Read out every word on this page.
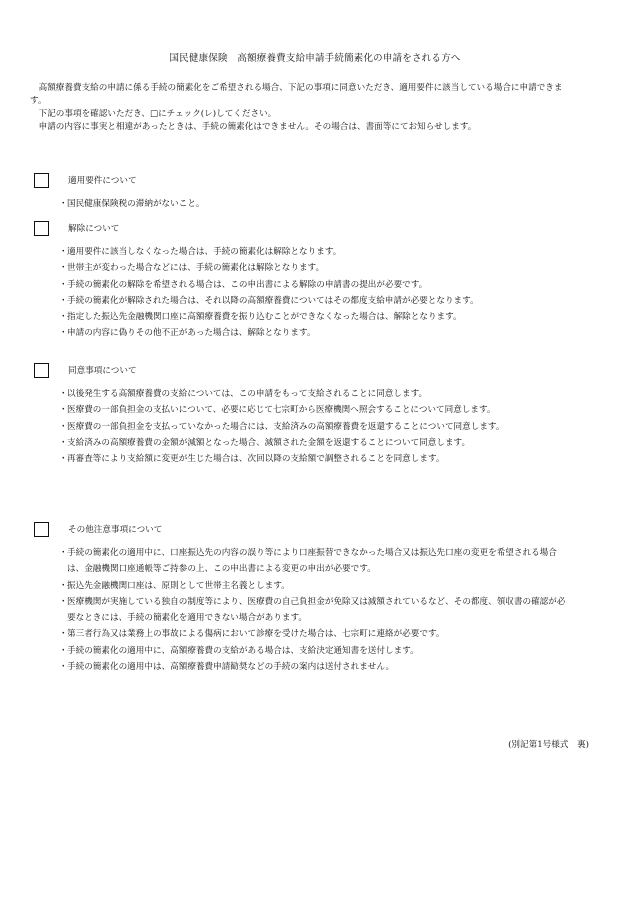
国民健康保険　高額療養費支給申請手続簡素化の申請をされる方へ

　高額療養費支給の申請に係る手続の簡素化をご希望される場合、下記の事項に同意いただき、適用要件に該当している場合に申請できます。

　下記の事項を確認いただき、□にチェック(レ)してください。

　申請の内容に事実と相違があったときは、手続の簡素化はできません。その場合は、書面等にてお知らせします。

適用要件について
・ 国民健康保険税の滞納がないこと。
解除について
・ 適用要件に該当しなくなった場合は、手続の簡素化は解除となります。
・ 世帯主が変わった場合などには、手続の簡素化は解除となります。
・ 手続の簡素化の解除を希望される場合は、この申出書による解除の申請書の提出が必要です。
・ 手続の簡素化が解除された場合は、それ以降の高額療養費についてはその都度支給申請が必要となります。
・ 指定した振込先金融機関口座に高額療養費を振り込むことができなくなった場合は、解除となります。
・ 申請の内容に偽りその他不正があった場合は、解除となります。
同意事項について
・ 以後発生する高額療養費の支給については、この申請をもって支給されることに同意します。
・ 医療費の一部負担金の支払いについて、必要に応じて七宗町から医療機関へ照会することについて同意します。
・ 医療費の一部負担金を支払っていなかった場合には、支給済みの高額療養費を返還することについて同意します。
・ 支給済みの高額療養費の金額が減額となった場合、減額された金額を返還することについて同意します。
・ 再審査等により支給額に変更が生じた場合は、次回以降の支給額で調整されることを同意します。
その他注意事項について
・ 手続の簡素化の適用中に、口座振込先の内容の誤り等により口座振替できなかった場合又は振込先口座の変更を希望される場合は、金融機関口座通帳等ご持参の上、この申出書による変更の申出が必要です。
・ 振込先金融機関口座は、原則として世帯主名義とします。
・ 医療機関が実施している独自の制度等により、医療費の自己負担金が免除又は減額されているなど、その都度、領収書の確認が必要なときには、手続の簡素化を適用できない場合があります。
・ 第三者行為又は業務上の事故による傷病において診療を受けた場合は、七宗町に連絡が必要です。
・ 手続の簡素化の適用中に、高額療養費の支給がある場合は、支給決定通知書を送付します。
・ 手続の簡素化の適用中は、高額療養費申請勧奨などの手続の案内は送付されません。
(別記第1号様式　裏)
